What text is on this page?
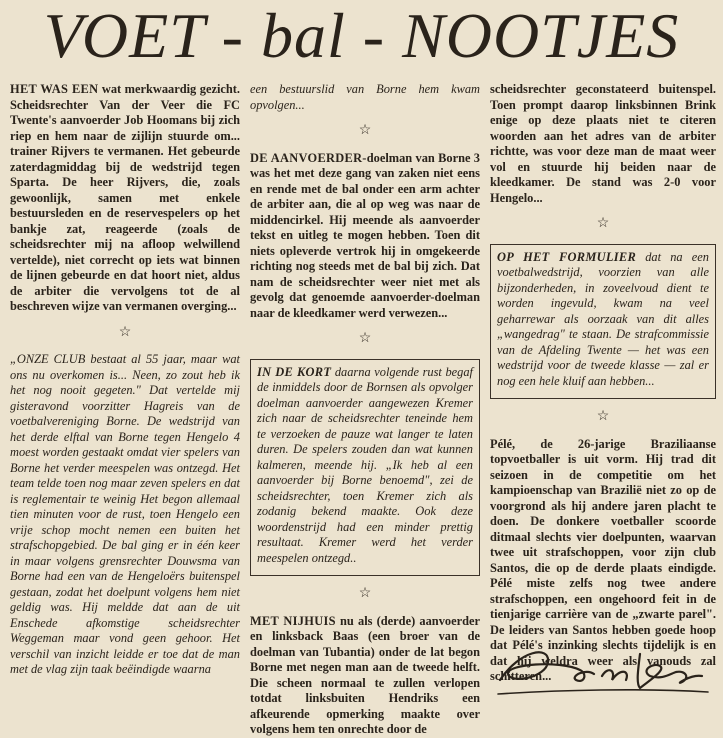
VOET - bal - NOOTJES

HET WAS EEN wat merkwaardig gezicht. Scheidsrechter Van der Veer die FC Twente's aanvoerder Job Hoomans bij zich riep en hem naar de zijlijn stuurde om... trainer Rijvers te vermanen. Het gebeurde zaterdagmiddag bij de wedstrijd tegen Sparta. De heer Rijvers, die, zoals gewoonlijk, samen met enkele bestuursleden en de reservespelers op het bankje zat, reageerde (zoals de scheidsrechter mij na afloop welwillend vertelde), niet correcht op iets wat binnen de lijnen gebeurde en dat hoort niet, aldus de arbiter die vervolgens tot de al beschreven wijze van vermanen overging...

☆

„ONZE CLUB bestaat al 55 jaar, maar wat ons nu overkomen is... Neen, zo zout heb ik het nog nooit gegeten." Dat vertelde mij gisteravond voorzitter Hagreis van de voetbalvereniging Borne. De wedstrijd van het derde elftal van Borne tegen Hengelo 4 moest worden gestaakt omdat vier spelers van Borne het verder meespelen was ontzegd. Het team telde toen nog maar zeven spelers en dat is reglementair te weinig Het begon allemaal tien minuten voor de rust, toen Hengelo een vrije schop mocht nemen een buiten het strafschopgebied. De bal ging er in één keer in maar volgens grensrechter Douwsma van Borne had een van de Hengeloërs buitenspel gestaan, zodat het doelpunt volgens hem niet geldig was. Hij meldde dat aan de uit Enschede afkomstige scheidsrechter Weggeman maar vond geen gehoor. Het verschil van inzicht leidde er toe dat de man met de vlag zijn taak beëindigde waarna

een bestuurslid van Borne hem kwam opvolgen...

☆

DE AANVOERDER-doelman van Borne 3 was het met deze gang van zaken niet eens en rende met de bal onder een arm achter de arbiter aan, die al op weg was naar de middencirkel. Hij meende als aanvoerder tekst en uitleg te mogen hebben. Toen dit niets opleverde vertrok hij in omgekeerde richting nog steeds met de bal bij zich. Dat nam de scheidsrechter weer niet met als gevolg dat genoemde aanvoerder-doelman naar de kleedkamer werd verwezen...

☆

IN DE KORT daarna volgende rust begaf de inmiddels door de Bornsen als opvolger doelman aanvoerder aangewezen Kremer zich naar de scheidsrechter teneinde hem te verzoeken de pauze wat langer te laten duren. De spelers zouden dan wat kunnen kalmeren, meende hij. „Ik heb al een aanvoerder bij Borne benoemd", zei de scheidsrechter, toen Kremer zich als zodanig bekend maakte. Ook deze woordenstrijd had een minder prettig resultaat. Kremer werd het verder meespelen ontzegd..

☆

MET NIJHUIS nu als (derde) aanvoerder en linksback Baas (een broer van de doelman van Tubantia) onder de lat begon Borne met negen man aan de tweede helft. Die scheen normaal te zullen verlopen totdat linksbuiten Hendriks een afkeurende opmerking maakte over volgens hem ten onrechte door de

scheidsrechter geconstateerd buitenspel. Toen prompt daarop linksbinnen Brink enige op deze plaats niet te citeren woorden aan het adres van de arbiter richtte, was voor deze man de maat weer vol en stuurde hij beiden naar de kleedkamer. De stand was 2-0 voor Hengelo...

☆

OP HET FORMULIER dat na een voetbalwedstrijd, voorzien van alle bijzonderheden, in zoveelvoud dient te worden ingevuld, kwam na veel geharrewar als oorzaak van dit alles „wangedrag" te staan. De strafcommissie van de Afdeling Twente — het was een wedstrijd voor de tweede klasse — zal er nog een hele kluif aan hebben...

☆

Pélé, de 26-jarige Braziliaanse topvoetballer is uit vorm. Hij trad dit seizoen in de competitie om het kampioenschap van Brazilië niet zo op de voorgrond als hij andere jaren placht te doen. De donkere voetballer scoorde ditmaal slechts vier doelpunten, waarvan twee uit strafschoppen, voor zijn club Santos, die op de derde plaats eindigde. Pélé miste zelfs nog twee andere strafschoppen, een ongehoord feit in de tienjarige carrière van de „zwarte parel". De leiders van Santos hebben goede hoop dat Pélé's inzinking slechts tijdelijk is en dat hij weldra weer als vanouds zal schitteren...
